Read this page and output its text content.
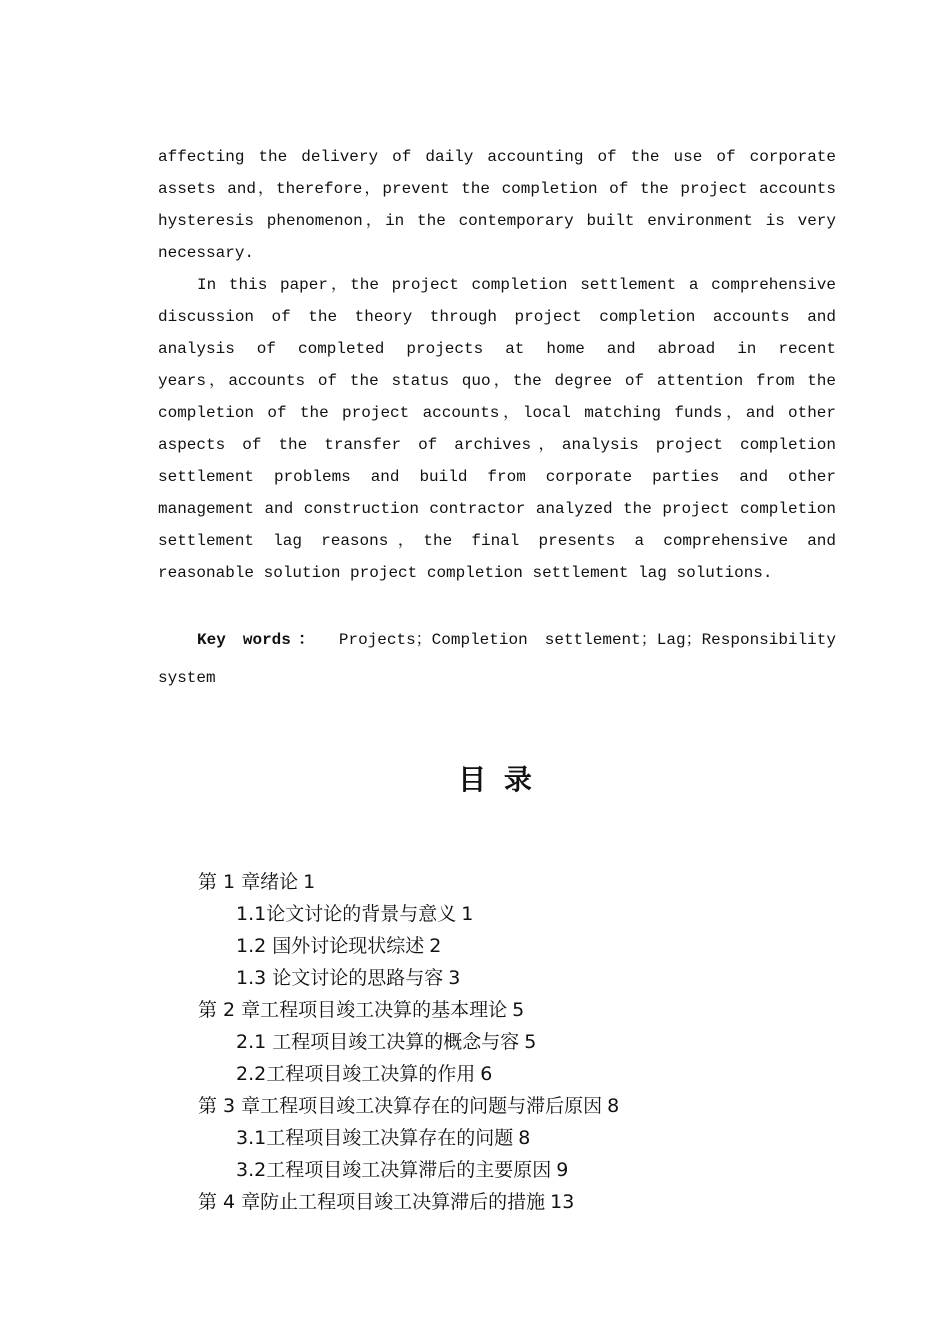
affecting the delivery of daily accounting of the use of corporate
assets and，therefore，prevent the completion of the project accounts
hysteresis phenomenon，in the contemporary built environment is very
necessary.
In this paper，the project completion settlement a comprehensive
discussion of the theory through project completion accounts and
analysis of completed projects at home and abroad in recent
years，accounts of the status quo，the degree of attention from the
completion of the project accounts，local matching funds，and other
aspects of the transfer of archives，analysis project completion
settlement problems and build from corporate parties and other
management and construction contractor analyzed the project completion
settlement lag reasons，the final presents a comprehensive and
reasonable solution project completion settlement lag solutions.
Key words： Projects；Completion settlement；Lag；Responsibility
system
目 录
第 1 章绪论 1
1.1论文讨论的背景与意义 1
1.2 国外讨论现状综述 2
1.3 论文讨论的思路与容 3
第 2 章工程项目竣工决算的基本理论 5
2.1 工程项目竣工决算的概念与容 5
2.2工程项目竣工决算的作用 6
第 3 章工程项目竣工决算存在的问题与滞后原因 8
3.1工程项目竣工决算存在的问题 8
3.2工程项目竣工决算滞后的主要原因 9
第 4 章防止工程项目竣工决算滞后的措施 13
